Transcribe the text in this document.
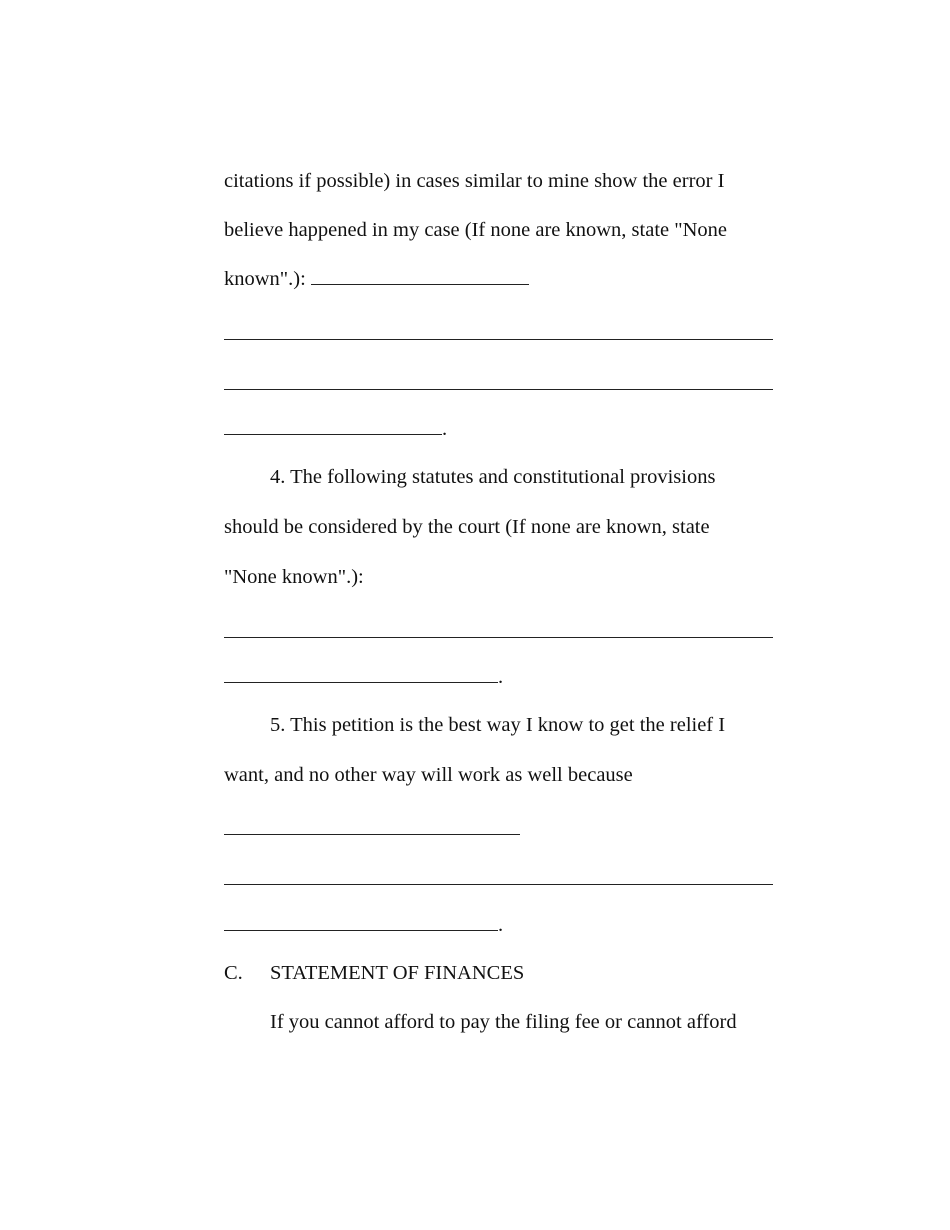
citations if possible) in cases similar to mine show the error I

believe happened in my case (If none are known, state "None

known".):

.

4. The following statutes and constitutional provisions

should be considered by the court (If none are known, state

"None known".):

.

5. This petition is the best way I know to get the relief I

want, and no other way will work as well because

.

C. STATEMENT OF FINANCES

If you cannot afford to pay the filing fee or cannot afford
